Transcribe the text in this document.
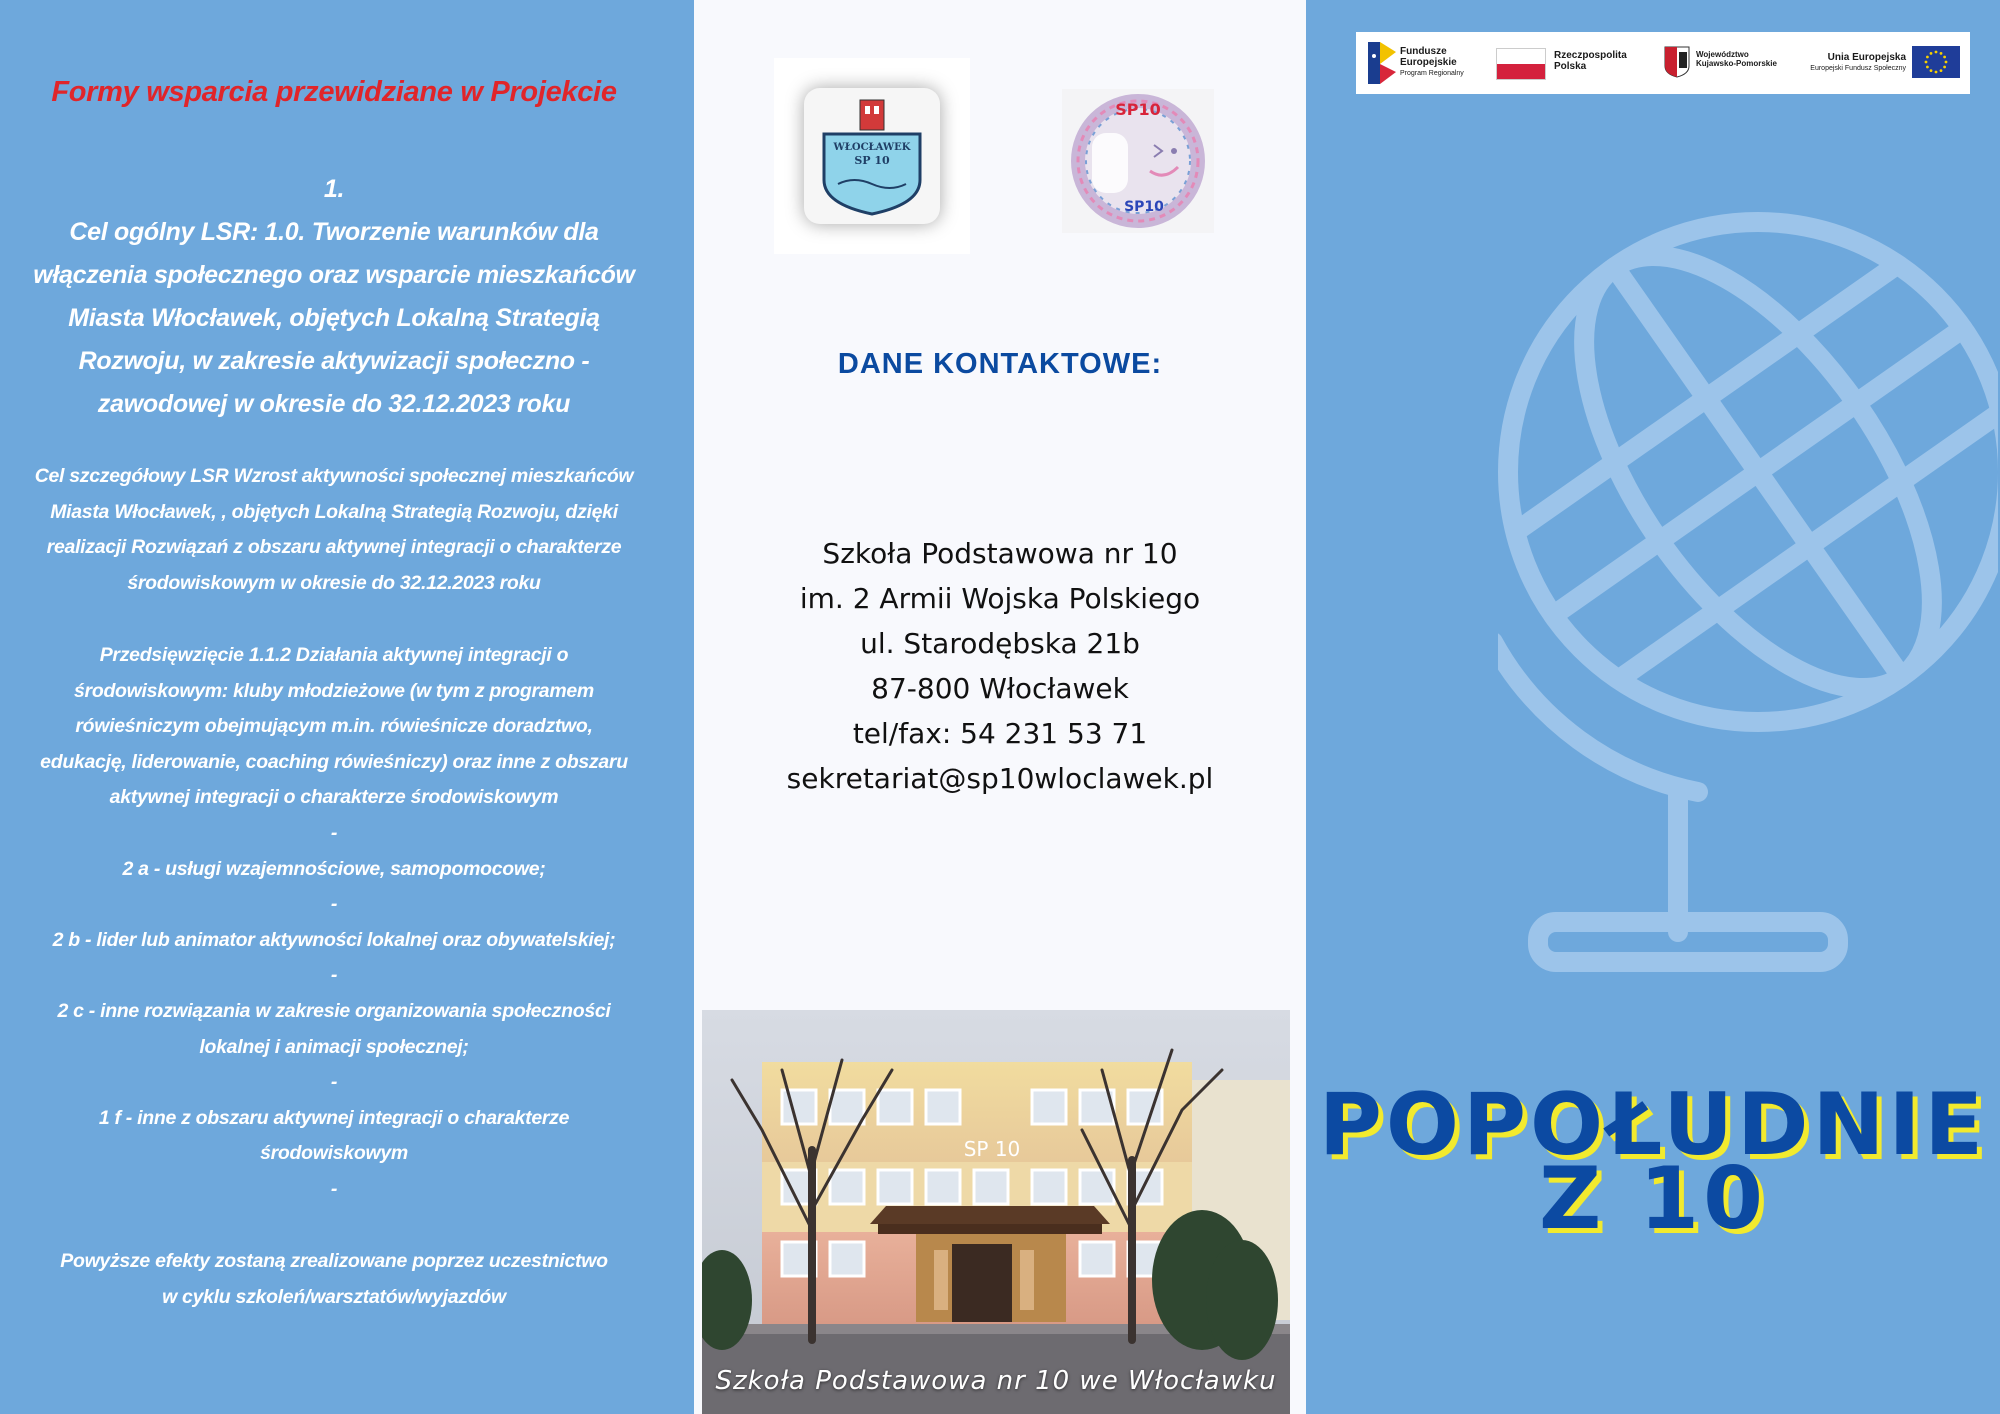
Formy wsparcia przewidziane w Projekcie
1.
Cel ogólny LSR: 1.0. Tworzenie warunków dla
włączenia społecznego oraz wsparcie mieszkańców
Miasta Włocławek, objętych Lokalną Strategią
Rozwoju, w zakresie aktywizacji społeczno -
zawodowej w okresie do 32.12.2023 roku
Cel szczegółowy LSR Wzrost aktywności społecznej mieszkańców
Miasta Włocławek, , objętych Lokalną Strategią Rozwoju, dzięki
realizacji Rozwiązań z obszaru aktywnej integracji o charakterze
środowiskowym w okresie do 32.12.2023 roku
Przedsięwzięcie 1.1.2 Działania aktywnej integracji o
środowiskowym: kluby młodzieżowe (w tym z programem
rówieśniczym obejmującym m.in. rówieśnicze doradztwo,
edukację, liderowanie, coaching rówieśniczy) oraz inne z obszaru
aktywnej integracji o charakterze środowiskowym
-
2 a - usługi wzajemnościowe, samopomocowe;
-
2 b - lider lub animator aktywności lokalnej oraz obywatelskiej;
-
2 c - inne rozwiązania w zakresie organizowania społeczności
lokalnej i animacji społecznej;
-
1 f - inne z obszaru aktywnej integracji o charakterze
środowiskowym
-
Powyższe efekty zostaną zrealizowane poprzez uczestnictwo
w cyklu szkoleń/warsztatów/wyjazdów
WŁOCŁAWEK
SP 10
SP10
SP10
DANE KONTAKTOWE:
Szkoła Podstawowa nr 10
im. 2 Armii Wojska Polskiego
ul. Starodębska 21b
87-800 Włocławek
tel/fax: 54 231 53 71
sekretariat@sp10wloclawek.pl
SP 10
Szkoła Podstawowa nr 10 we Włocławku
Fundusze
Europejskie
Program Regionalny
Rzeczpospolita
Polska
Województwo
Kujawsko-Pomorskie
Unia Europejska
Europejski Fundusz Społeczny
POPOŁUDNIE
Z 10
